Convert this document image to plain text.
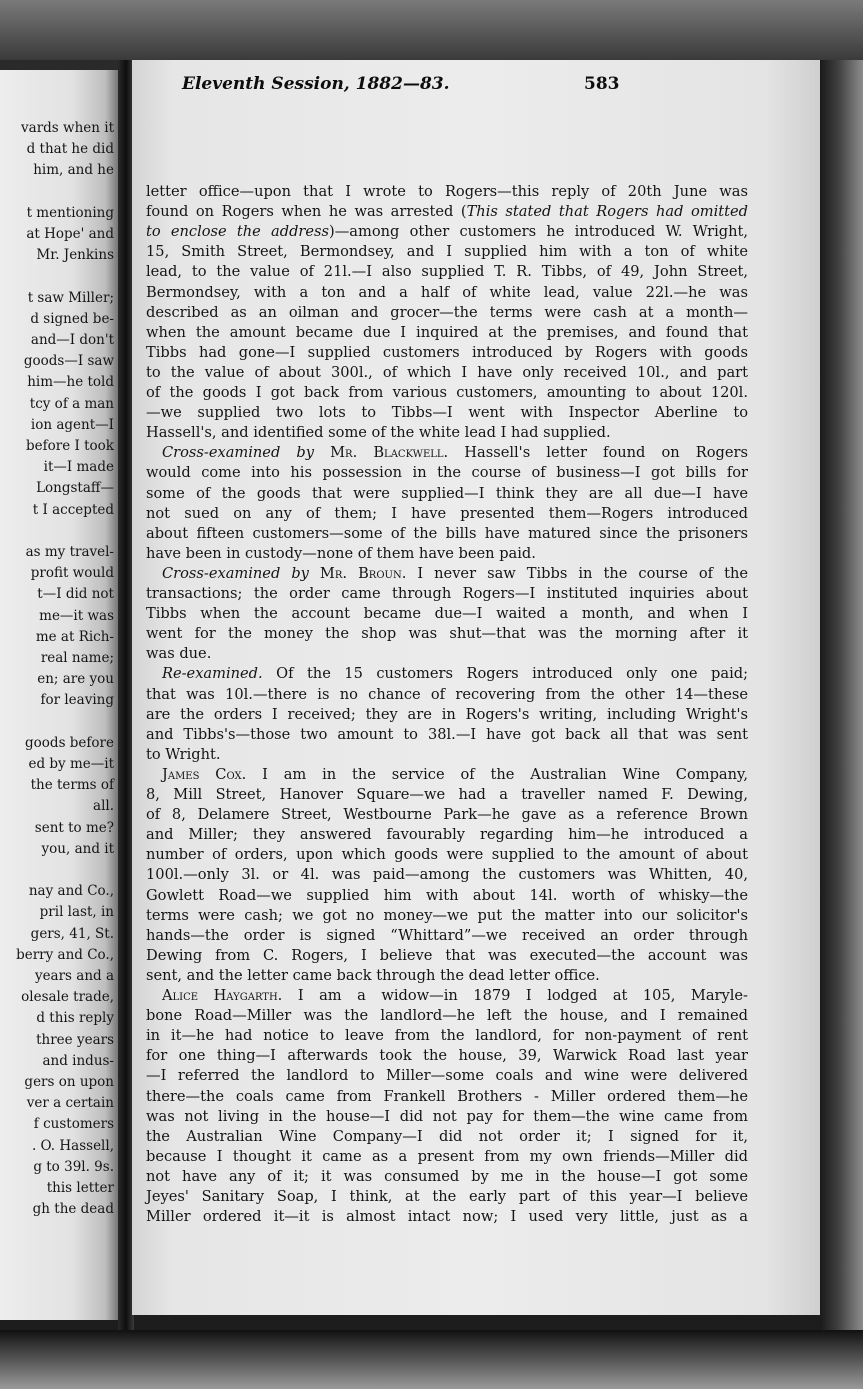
vards when it
d that he did
him, and he
t mentioning
at Hope' and
Mr. Jenkins
t saw Miller;
d signed be-
and—I don't
goods—I saw
him—he told
tcy of a man
ion agent—I
before I took
it—I made
Longstaff—
t I accepted
as my travel-
profit would
t—I did not
me—it was
me at Rich-
real name;
en; are you
for leaving
goods before
ed by me—it
the terms of
all.
sent to me?
you, and it
nay and Co.,
pril last, in
gers, 41, St.
berry and Co.,
years and a
olesale trade,
d this reply
three years
and indus-
gers on upon
ver a certain
f customers
. O. Hassell,
g to 39l. 9s.
this letter
gh the dead
letter office—upon that I wrote to Rogers—this reply of 20th June was
found on Rogers when he was arrested (This stated that Rogers had omitted
to enclose the address)—among other customers he introduced W. Wright,
15, Smith Street, Bermondsey, and I supplied him with a ton of white
lead, to the value of 21l.—I also supplied T. R. Tibbs, of 49, John Street,
Bermondsey, with a ton and a half of white lead, value 22l.—he was
described as an oilman and grocer—the terms were cash at a month—
when the amount became due I inquired at the premises, and found that
Tibbs had gone—I supplied customers introduced by Rogers with goods
to the value of about 300l., of which I have only received 10l., and part
of the goods I got back from various customers, amounting to about 120l.
—we supplied two lots to Tibbs—I went with Inspector Aberline to
Hassell's, and identified some of the white lead I had supplied.
Cross-examined by Mr. Blackwell. Hassell's letter found on Rogers
would come into his possession in the course of business—I got bills for
some of the goods that were supplied—I think they are all due—I have
not sued on any of them; I have presented them—Rogers introduced
about fifteen customers—some of the bills have matured since the prisoners
have been in custody—none of them have been paid.
Cross-examined by Mr. Broun. I never saw Tibbs in the course of the
transactions; the order came through Rogers—I instituted inquiries about
Tibbs when the account became due—I waited a month, and when I
went for the money the shop was shut—that was the morning after it
was due.
Re-examined. Of the 15 customers Rogers introduced only one paid;
that was 10l.—there is no chance of recovering from the other 14—these
are the orders I received; they are in Rogers's writing, including Wright's
and Tibbs's—those two amount to 38l.—I have got back all that was sent
to Wright.
James Cox. I am in the service of the Australian Wine Company,
8, Mill Street, Hanover Square—we had a traveller named F. Dewing,
of 8, Delamere Street, Westbourne Park—he gave as a reference Brown
and Miller; they answered favourably regarding him—he introduced a
number of orders, upon which goods were supplied to the amount of about
100l.—only 3l. or 4l. was paid—among the customers was Whitten, 40,
Gowlett Road—we supplied him with about 14l. worth of whisky—the
terms were cash; we got no money—we put the matter into our solicitor's
hands—the order is signed “Whittard”—we received an order through
Dewing from C. Rogers, I believe that was executed—the account was
sent, and the letter came back through the dead letter office.
Alice Haygarth. I am a widow—in 1879 I lodged at 105, Maryle-
bone Road—Miller was the landlord—he left the house, and I remained
in it—he had notice to leave from the landlord, for non-payment of rent
for one thing—I afterwards took the house, 39, Warwick Road last year
—I referred the landlord to Miller—some coals and wine were delivered
there—the coals came from Frankell Brothers - Miller ordered them—he
was not living in the house—I did not pay for them—the wine came from
the Australian Wine Company—I did not order it; I signed for it,
because I thought it came as a present from my own friends—Miller did
not have any of it; it was consumed by me in the house—I got some
Jeyes' Sanitary Soap, I think, at the early part of this year—I believe
Miller ordered it—it is almost intact now; I used very little, just as a
Eleventh Session, 1882—83.	583
